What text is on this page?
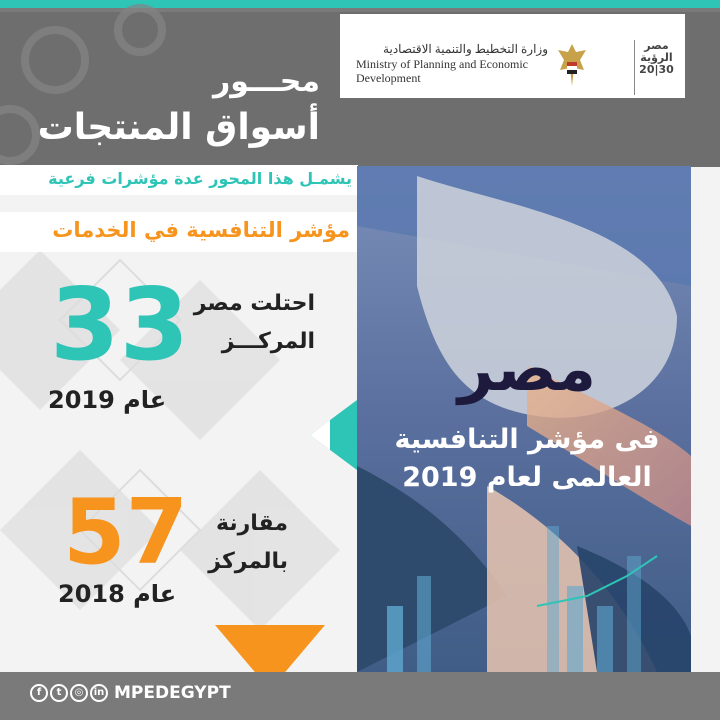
وزارة التخطيط والتنمية الاقتصادية
Ministry of Planning and Economic
Development
مصر
الرؤية
20|30
محـــور
أسواق المنتجات
يشمـل هذا المحور عدة مؤشرات فرعية
مؤشر التنافسية في الخدمات
احتلت مصر
المركـــز
33
عام 2019
مقارنة
بالمركز
57
عام 2018
مصر
فى مؤشر التنافسية
العالمى لعام 2019
f	t	◎	in MPEDEGYPT
